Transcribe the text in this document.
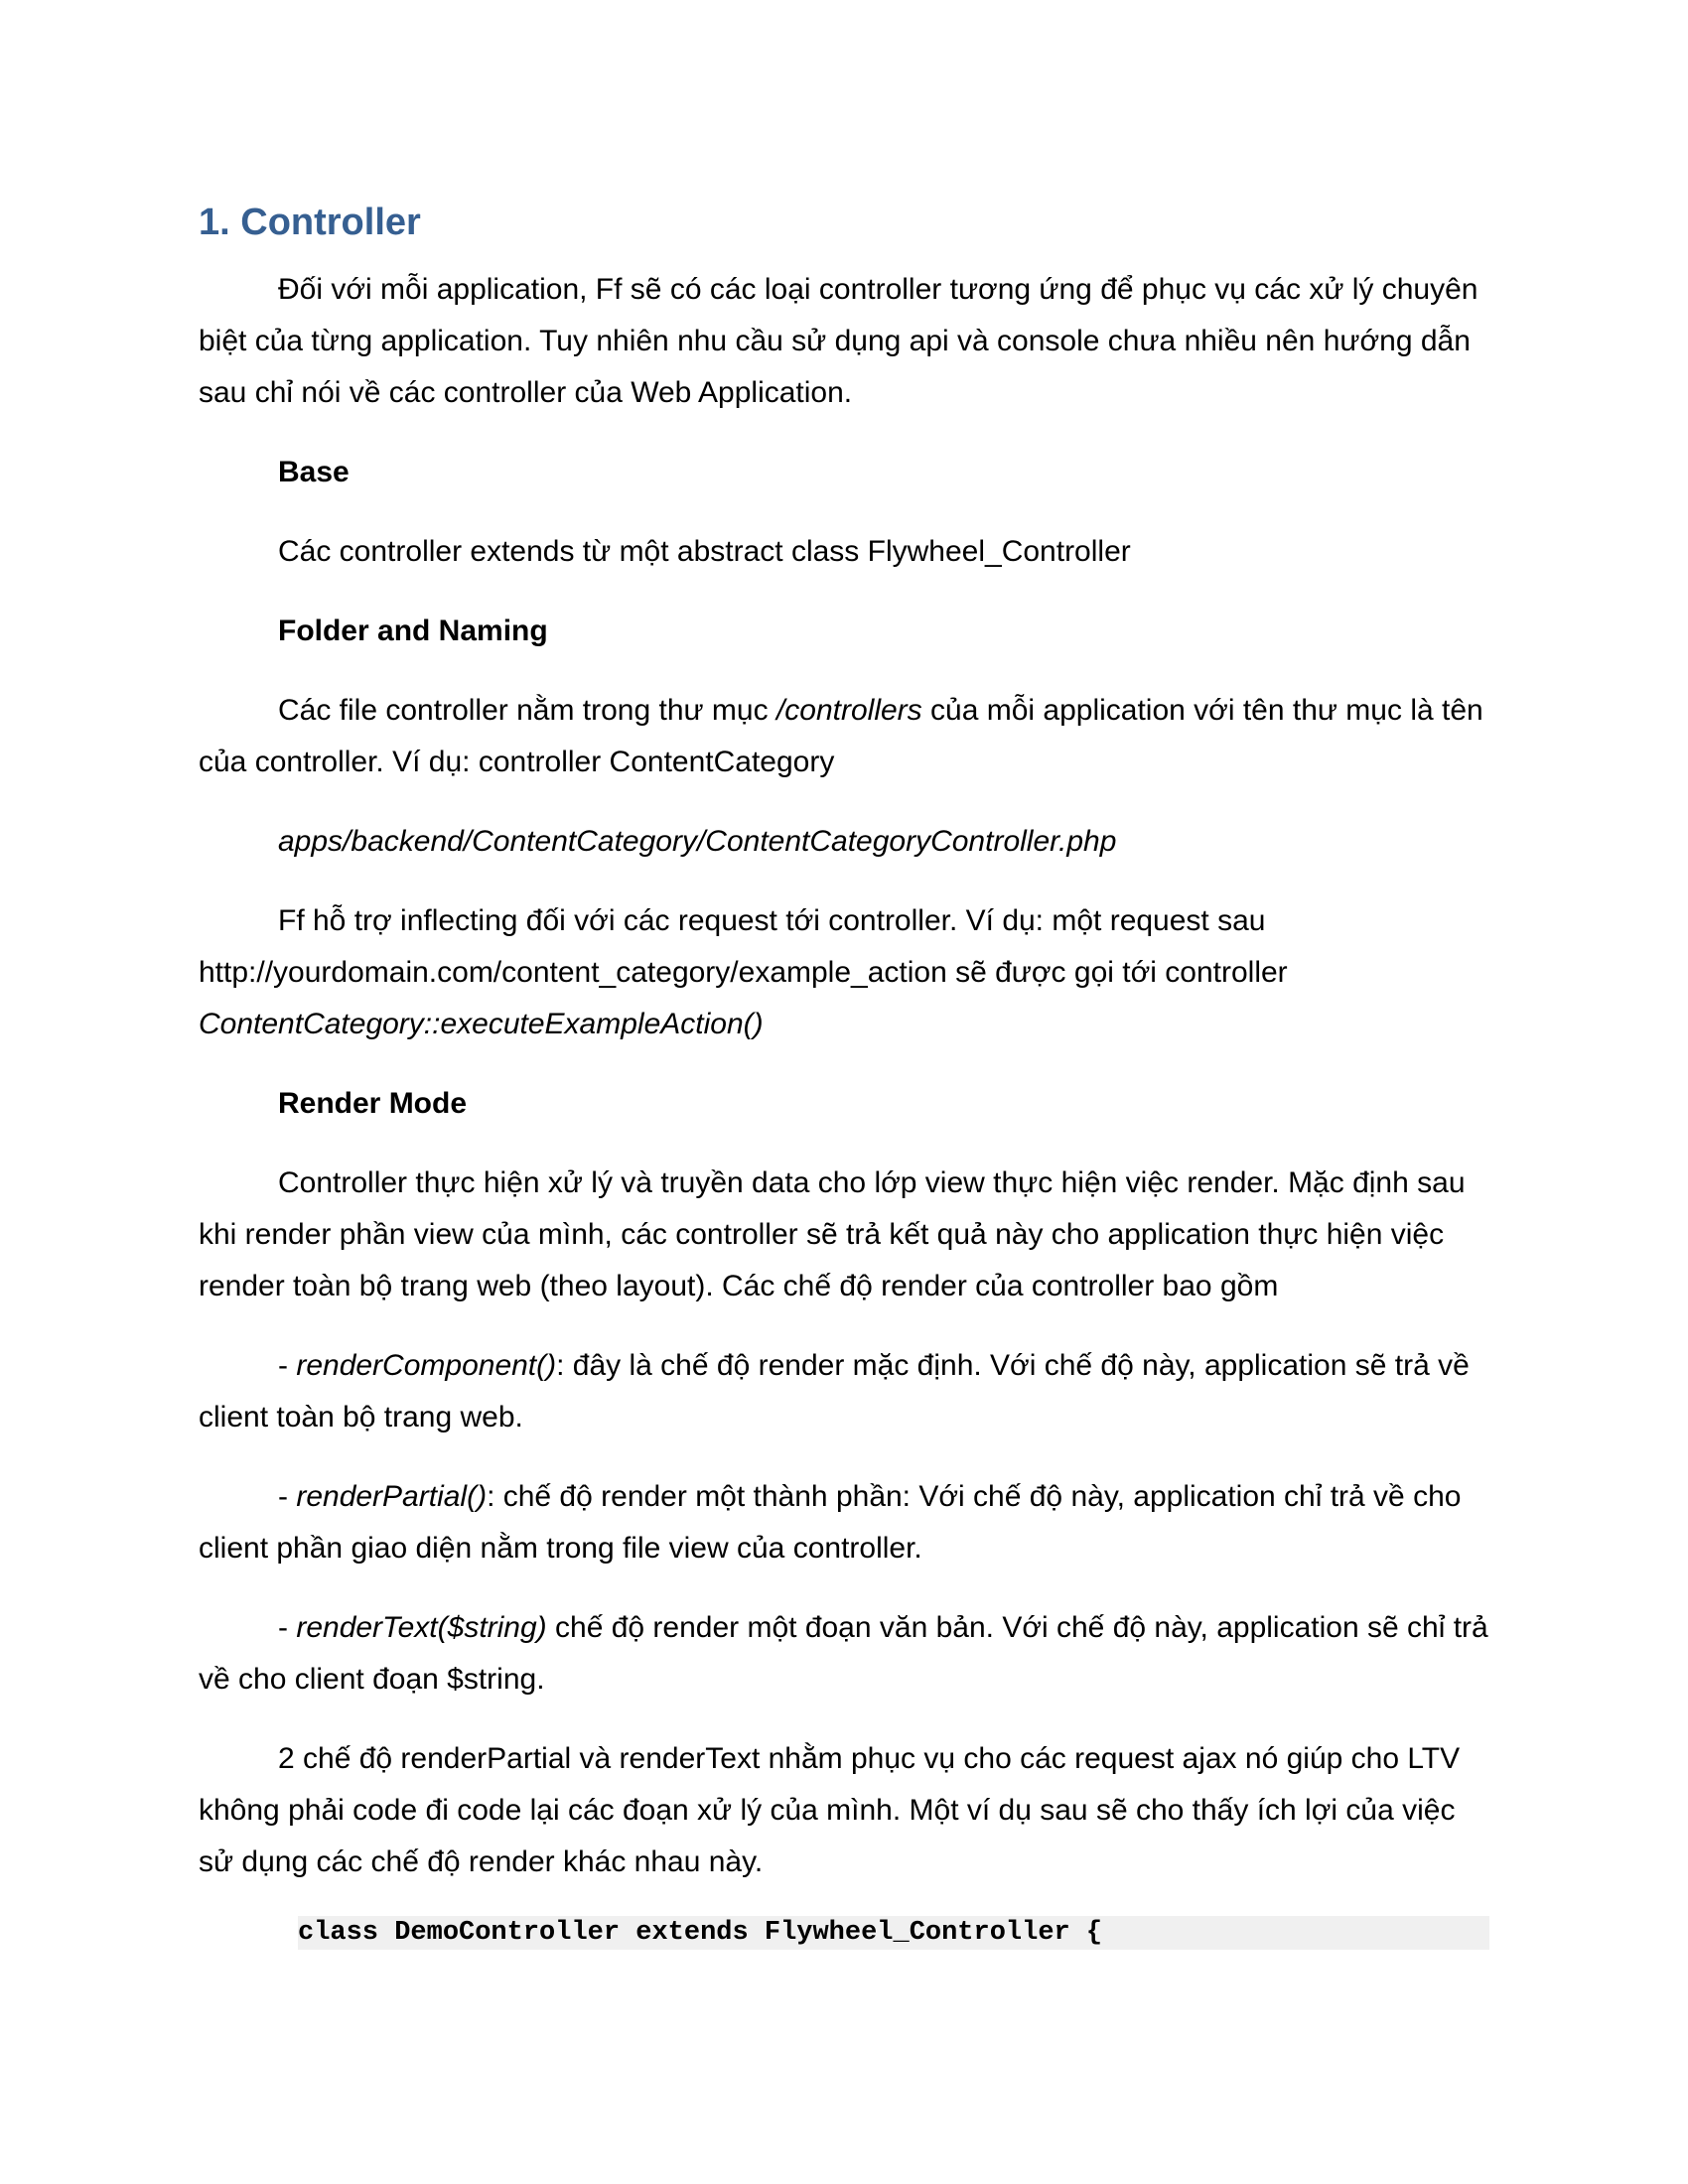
1. Controller

Đối với mỗi application, Ff sẽ có các loại controller tương ứng để phục vụ các xử lý chuyên biệt của từng application. Tuy nhiên nhu cầu sử dụng api và console chưa nhiều nên hướng dẫn sau chỉ nói về các controller của Web Application.

Base

Các controller extends từ một abstract class Flywheel_Controller

Folder and Naming

Các file controller nằm trong thư mục /controllers của mỗi application với tên thư mục là tên của controller. Ví dụ: controller ContentCategory

apps/backend/ContentCategory/ContentCategoryController.php

Ff hỗ trợ inflecting đối với các request tới controller. Ví dụ: một request sau
http://yourdomain.com/content_category/example_action sẽ được gọi tới controller
ContentCategory::executeExampleAction()

Render Mode

Controller thực hiện xử lý và truyền data cho lớp view thực hiện việc render. Mặc định sau khi render phần view của mình, các controller sẽ trả kết quả này cho application thực hiện việc render toàn bộ trang web (theo layout). Các chế độ render của controller bao gồm

- renderComponent(): đây là chế độ render mặc định. Với chế độ này, application sẽ trả về client toàn bộ trang web.

- renderPartial(): chế độ render một thành phần: Với chế độ này, application chỉ trả về cho client phần giao diện nằm trong file view của controller.

- renderText($string) chế độ render một đoạn văn bản. Với chế độ này, application sẽ chỉ trả về cho client đoạn $string.

2 chế độ renderPartial và renderText nhằm phục vụ cho các request ajax nó giúp cho LTV không phải code đi code lại các đoạn xử lý của mình. Một ví dụ sau sẽ cho thấy ích lợi của việc sử dụng các chế độ render khác nhau này.

class DemoController extends Flywheel_Controller {
